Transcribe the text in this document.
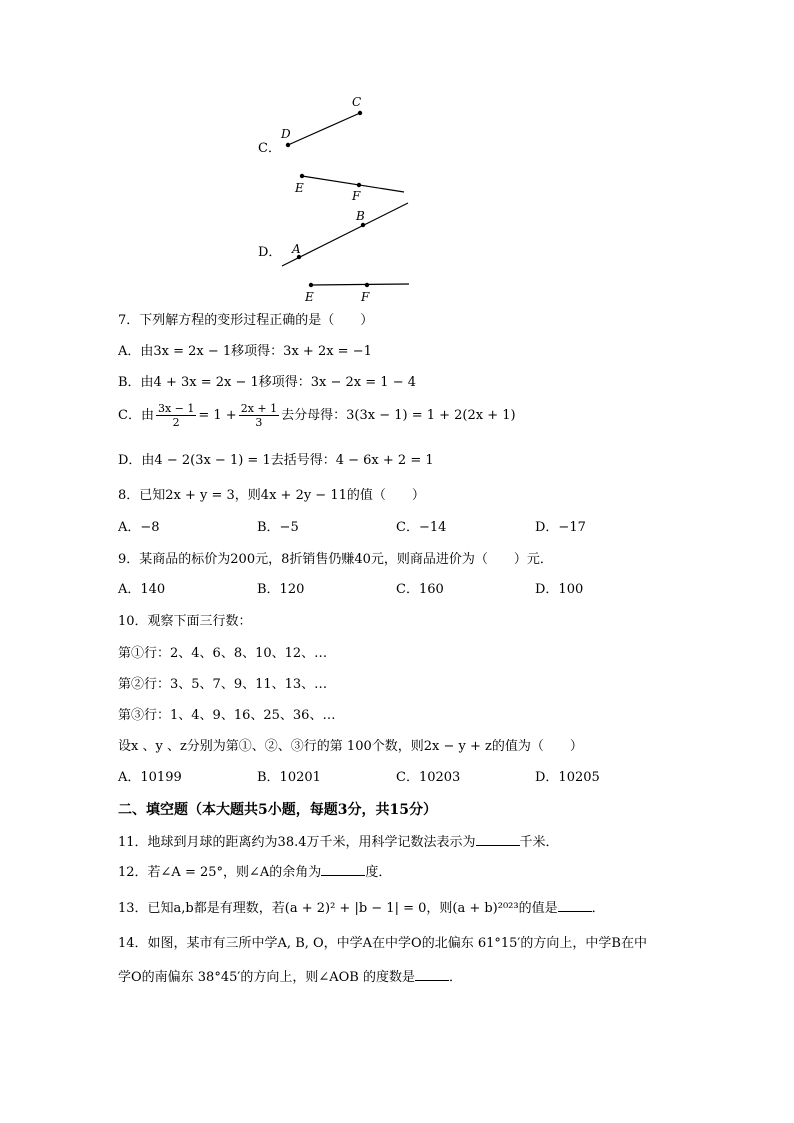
C．
D．
D
C
E
F
A
B
E	F
7．下列解方程的变形过程正确的是（　　）
A．由3x = 2x − 1移项得：3x + 2x = −1
B．由4 + 3x = 2x − 1移项得：3x − 2x = 1 − 4
C．由 $\frac{3x - 1}{2} = 1 + \frac{2x + 1}{3}$ 去分母得：3(3x − 1) = 1 + 2(2x + 1)
D．由4 − 2(3x − 1) = 1去括号得：4 − 6x + 2 = 1
8．已知2x + y = 3，则4x + 2y − 11的值（　　）
A．−8	B．−5	C．−14	D．−17
9．某商品的标价为200元，8折销售仍赚40元，则商品进价为（　　）元．
A．140	B．120	C．160	D．100
10．观察下面三行数：
第①行：2、4、6、8、10、12、…
第②行：3、5、7、9、11、13、…
第③行：1、4、9、16、25、36、…
设x 、y 、z分别为第①、②、③行的第 100个数，则2x − y + z的值为（　　）
A．10199	B．10201	C．10203	D．10205
二、填空题（本大题共5小题，每题3分，共15分）
11．地球到月球的距离约为38.4万千米，用科学记数法表示为	千米．
12．若∠A = 25°，则∠A的余角为	度．
13．已知a,b都是有理数，若(a + 2)² + |b − 1| = 0，则(a + b)²⁰²³的值是	．
14．如图，某市有三所中学A, B, O，中学A在中学O的北偏东 61°15′的方向上，中学B在中
学O的南偏东 38°45′的方向上，则∠AOB 的度数是	．
